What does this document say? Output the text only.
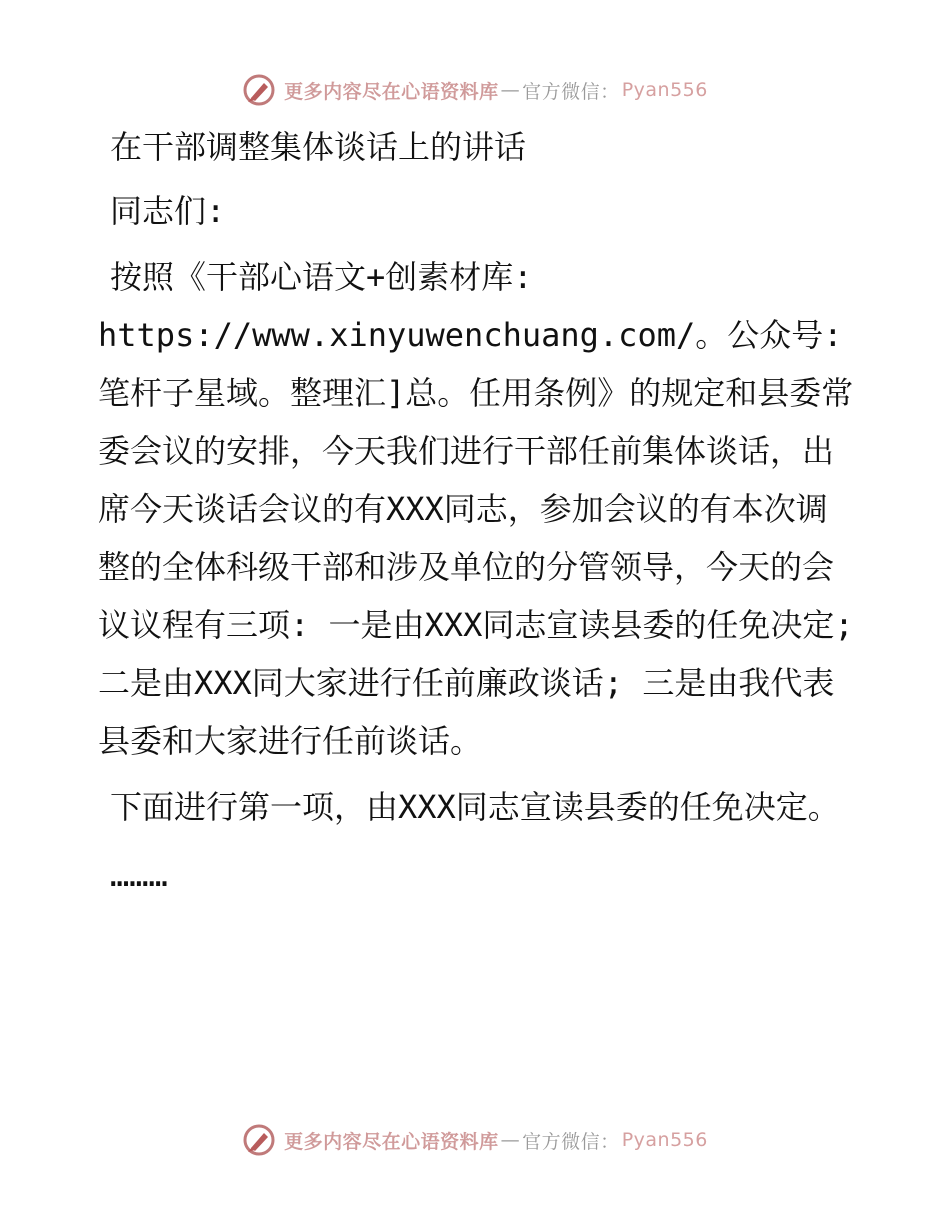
更多内容尽在心语资料库 — 官方微信： Pyan556

在干部调整集体谈话上的讲话

同志们:

按照《干部心语文+创素材库: https://www.xinyuwenchuang.com/。公众号: 笔杆子星域。整理汇]总。任用条例》的规定和县委常委会议的安排，今天我们进行干部任前集体谈话，出席今天谈话会议的有XXX同志，参加会议的有本次调整的全体科级干部和涉及单位的分管领导，今天的会议议程有三项: 一是由XXX同志宣读县委的任免决定; 二是由XXX同大家进行任前廉政谈话; 三是由我代表县委和大家进行任前谈话。

下面进行第一项，由XXX同志宣读县委的任免决定。

………

更多内容尽在心语资料库 — 官方微信： Pyan556
